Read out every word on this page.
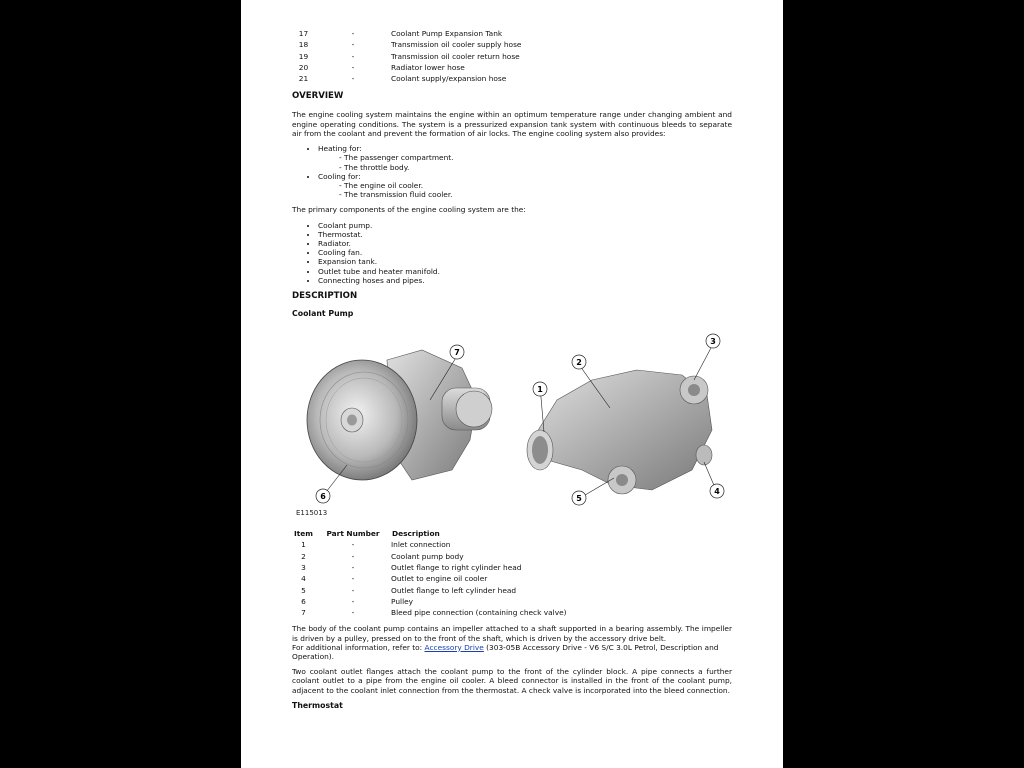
17	-	Coolant Pump Expansion Tank
18	-	Transmission oil cooler supply hose
19	-	Transmission oil cooler return hose
20	-	Radiator lower hose
21	-	Coolant supply/expansion hose
OVERVIEW

The engine cooling system maintains the engine within an optimum temperature range under changing ambient and engine operating conditions. The system is a pressurized expansion tank system with continuous bleeds to separate air from the coolant and prevent the formation of air locks. The engine cooling system also provides:

• Heating for:
- The passenger compartment.
- The throttle body.
• Cooling for:
- The engine oil cooler.
- The transmission fluid cooler.

The primary components of the engine cooling system are the:

• Coolant pump.
• Thermostat.
• Radiator.
• Cooling fan.
• Expansion tank.
• Outlet tube and heater manifold.
• Connecting hoses and pipes.
DESCRIPTION
Coolant Pump
7
6
1
2
3
4
5
E115013
Item	Part Number	Description
1	-	Inlet connection
2	-	Coolant pump body
3	-	Outlet flange to right cylinder head
4	-	Outlet to engine oil cooler
5	-	Outlet flange to left cylinder head
6	-	Pulley
7	-	Bleed pipe connection (containing check valve)

The body of the coolant pump contains an impeller attached to a shaft supported in a bearing assembly. The impeller is driven by a pulley, pressed on to the front of the shaft, which is driven by the accessory drive belt.

For additional information, refer to: Accessory Drive (303-05B Accessory Drive - V6 S/C 3.0L Petrol, Description and Operation).

Two coolant outlet flanges attach the coolant pump to the front of the cylinder block. A pipe connects a further coolant outlet to a pipe from the engine oil cooler. A bleed connector is installed in the front of the coolant pump, adjacent to the coolant inlet connection from the thermostat. A check valve is incorporated into the bleed connection.

Thermostat
